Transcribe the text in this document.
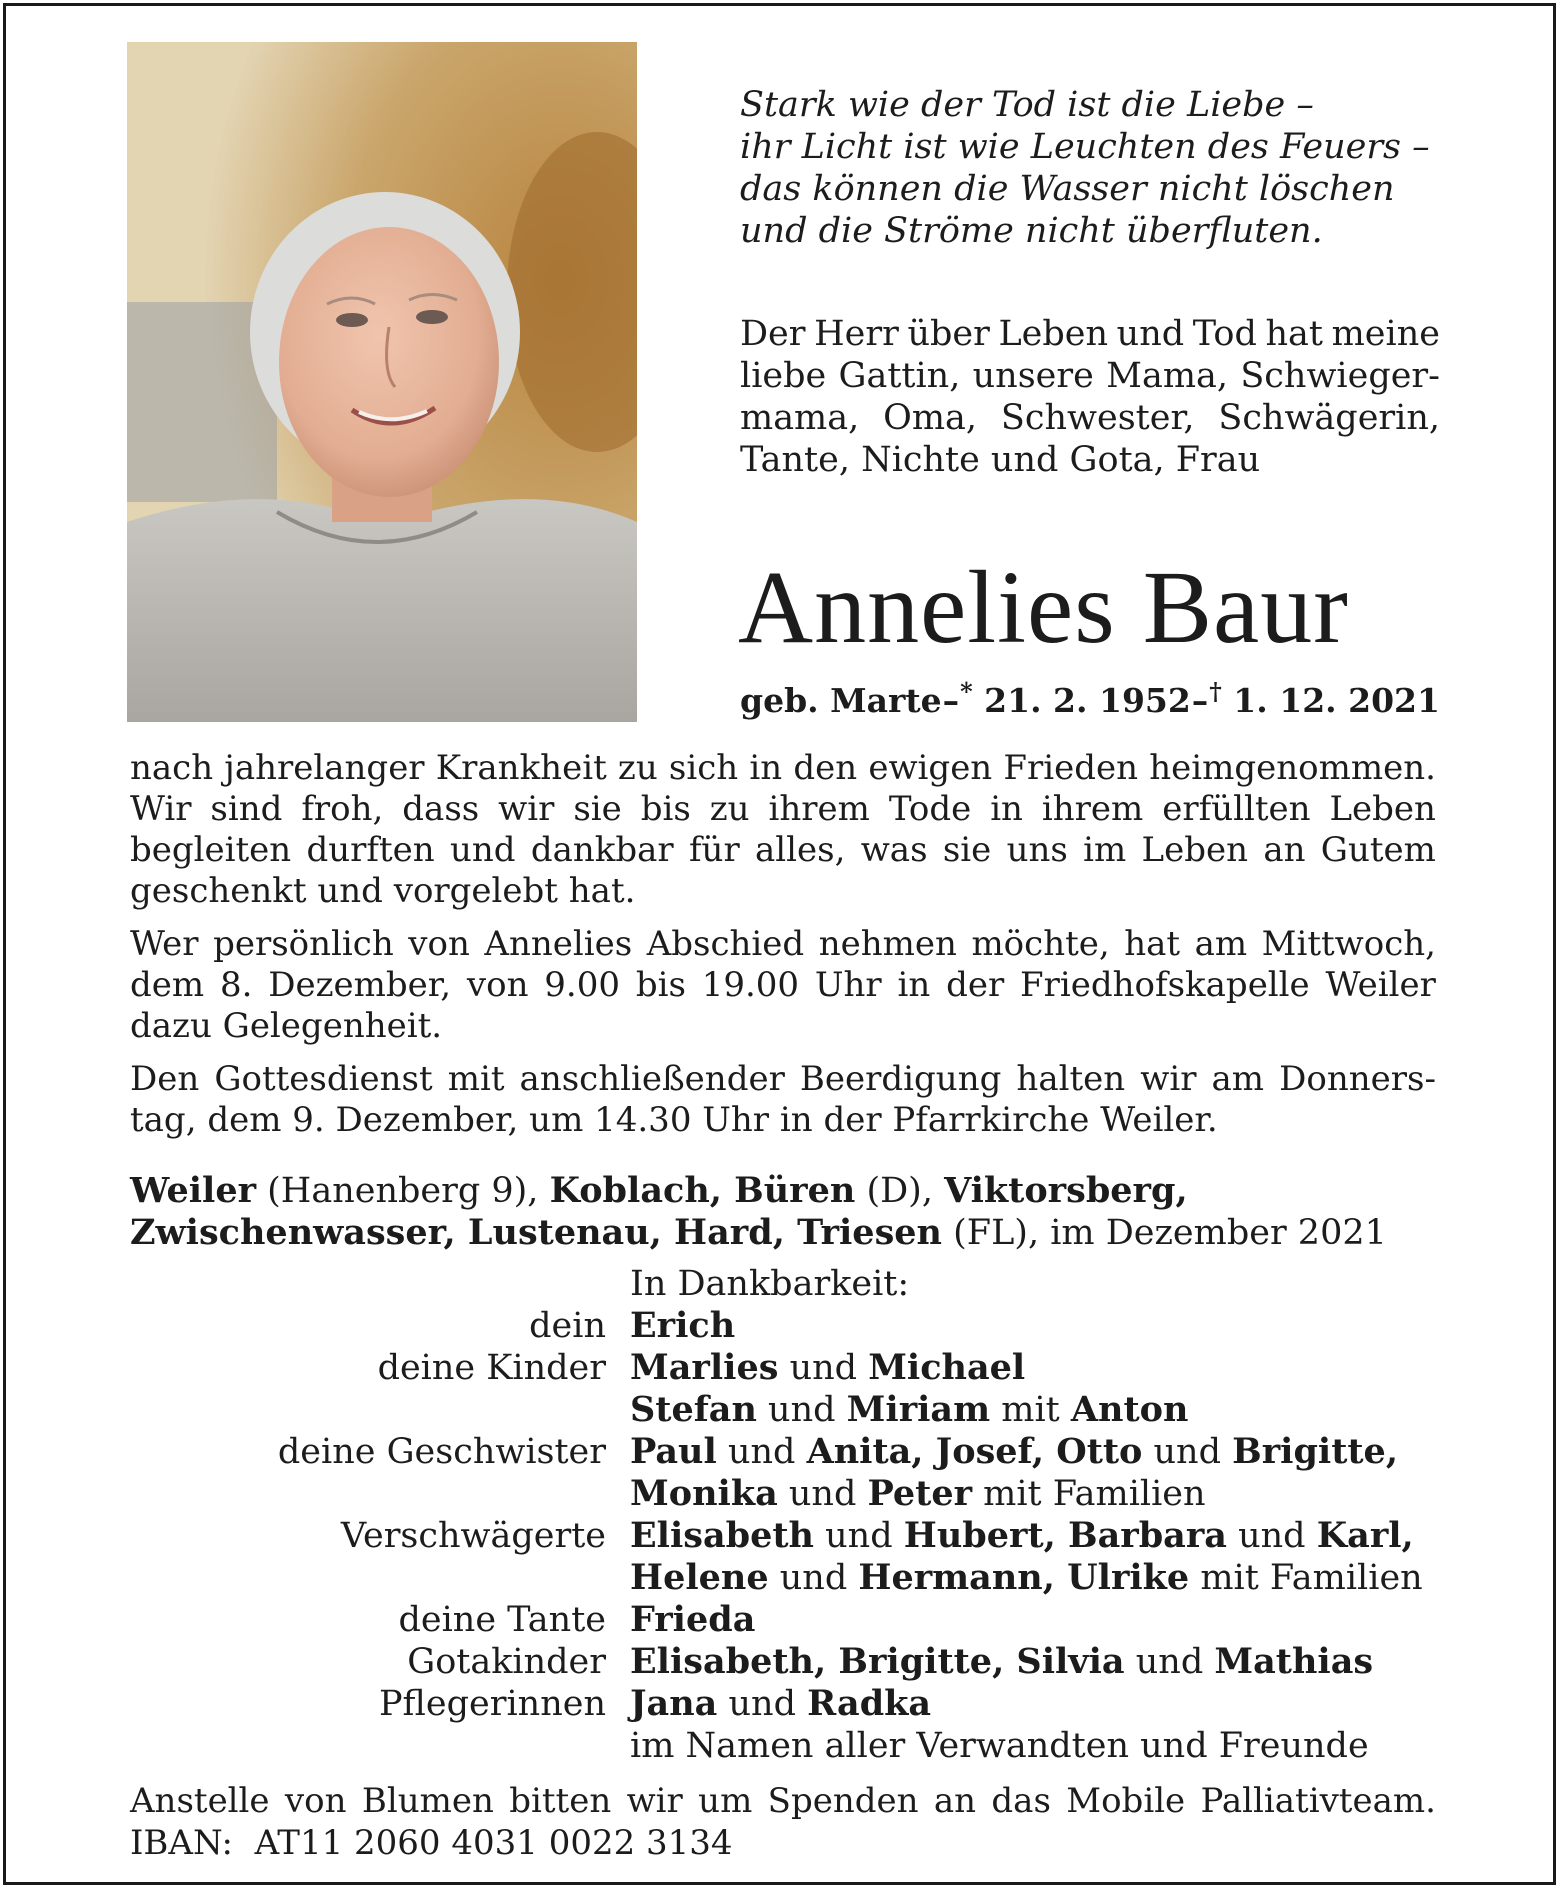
Stark wie der Tod ist die Liebe –
ihr Licht ist wie Leuchten des Feuers –
das können die Wasser nicht löschen
und die Ströme nicht überfluten.
Der Herr über Leben und Tod hat meine
liebe Gattin, unsere Mama, Schwieger-
mama, Oma, Schwester, Schwägerin,
Tante, Nichte und Gota, Frau
Annelies Baur
geb. Marte – * 21. 2. 1952 – † 1. 12. 2021
nach jahrelanger Krankheit zu sich in den ewigen Frieden heimgenommen.
Wir sind froh, dass wir sie bis zu ihrem Tode in ihrem erfüllten Leben
begleiten durften und dankbar für alles, was sie uns im Leben an Gutem
geschenkt und vorgelebt hat.
Wer persönlich von Annelies Abschied nehmen möchte, hat am Mittwoch,
dem 8. Dezember, von 9.00 bis 19.00 Uhr in der Friedhofskapelle Weiler
dazu Gelegenheit.
Den Gottesdienst mit anschließender Beerdigung halten wir am Donners-
tag, dem 9. Dezember, um 14.30 Uhr in der Pfarrkirche Weiler.
Weiler (Hanenberg 9), Koblach, Büren (D), Viktorsberg,
Zwischenwasser, Lustenau, Hard, Triesen (FL), im Dezember 2021
In Dankbarkeit:
dein Erich
deine Kinder Marlies und Michael
Stefan und Miriam mit Anton
deine Geschwister Paul und Anita, Josef, Otto und Brigitte,
Monika und Peter mit Familien
Verschwägerte Elisabeth und Hubert, Barbara und Karl,
Helene und Hermann, Ulrike mit Familien
deine Tante Frieda
Gotakinder Elisabeth, Brigitte, Silvia und Mathias
Pflegerinnen Jana und Radka
im Namen aller Verwandten und Freunde
Anstelle von Blumen bitten wir um Spenden an das Mobile Palliativteam.
IBAN:  AT11 2060 4031 0022 3134
